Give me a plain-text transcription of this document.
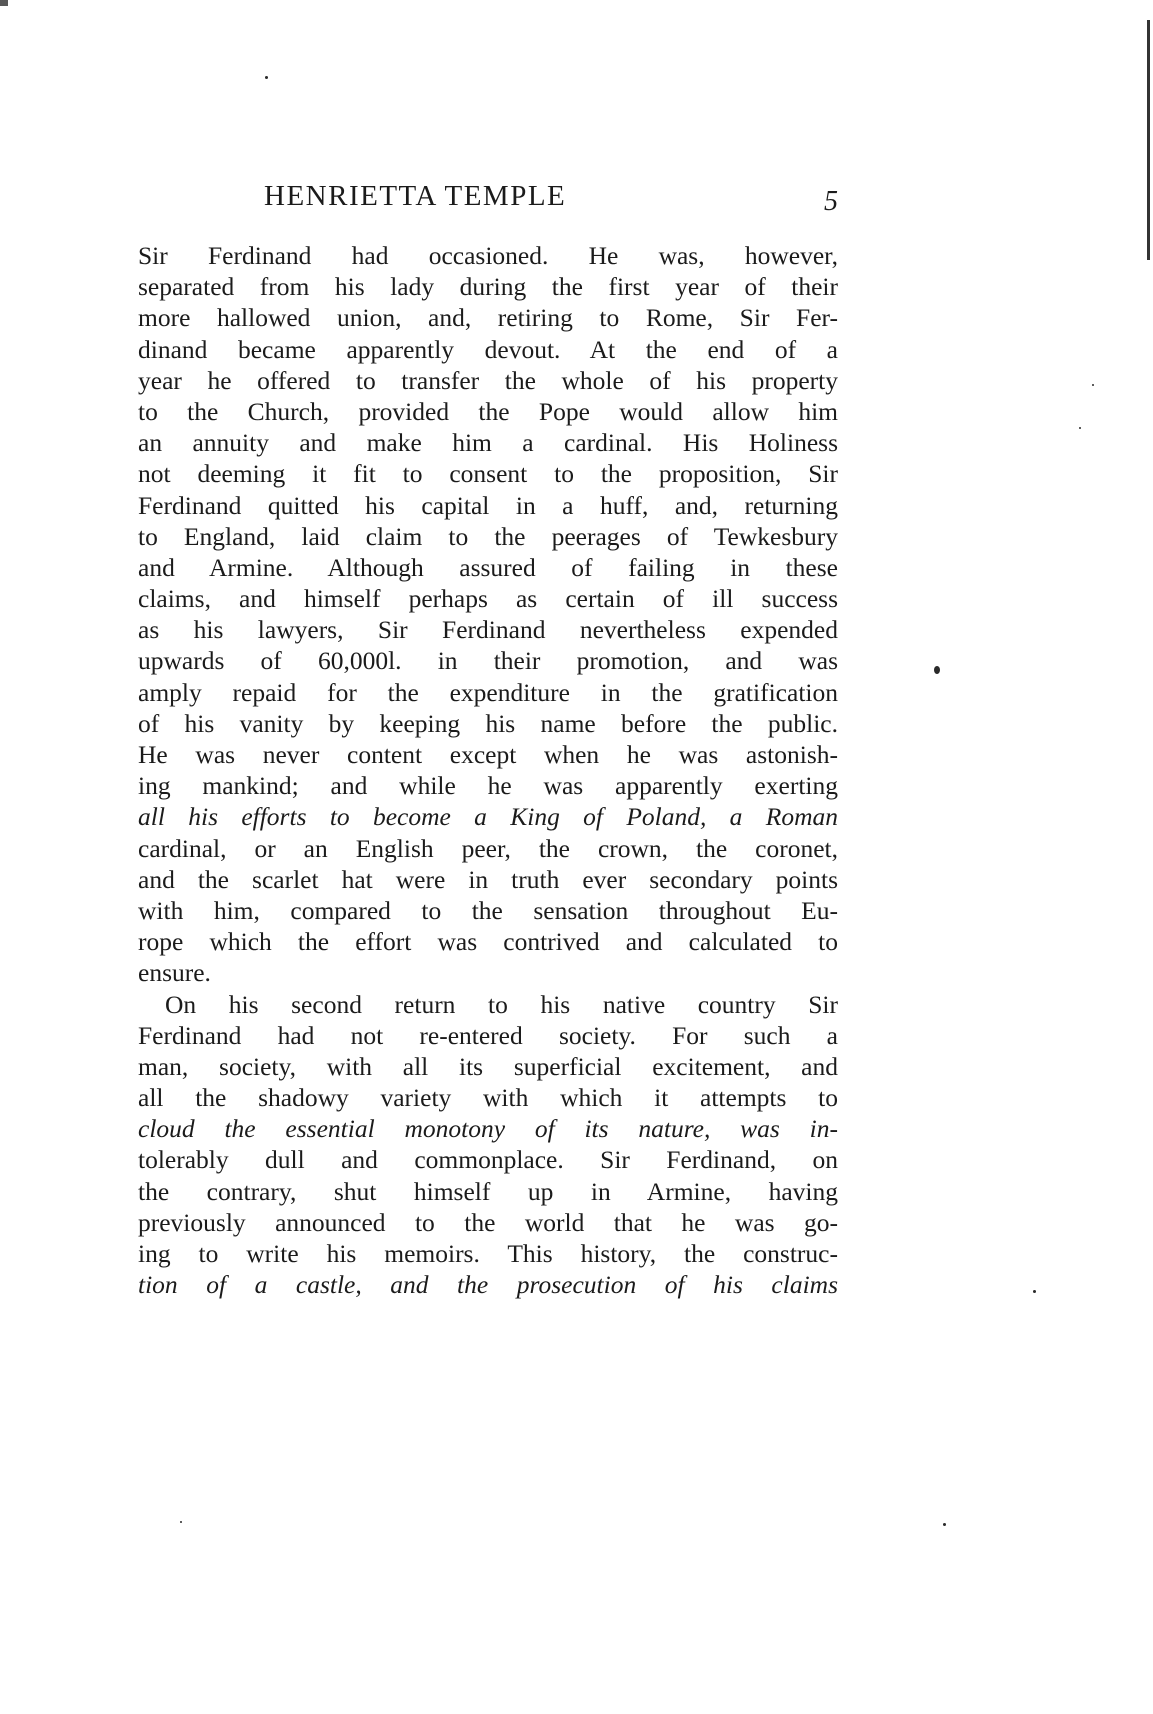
HENRIETTA TEMPLE	5
Sir Ferdinand had occasioned. He was, however,
separated from his lady during the first year of their
more hallowed union, and, retiring to Rome, Sir Fer-
dinand became apparently devout. At the end of a
year he offered to transfer the whole of his property
to the Church, provided the Pope would allow him
an annuity and make him a cardinal. His Holiness
not deeming it fit to consent to the proposition, Sir
Ferdinand quitted his capital in a huff, and, returning
to England, laid claim to the peerages of Tewkesbury
and Armine. Although assured of failing in these
claims, and himself perhaps as certain of ill success
as his lawyers, Sir Ferdinand nevertheless expended
upwards of 60,000l. in their promotion, and was
amply repaid for the expenditure in the gratification
of his vanity by keeping his name before the public.
He was never content except when he was astonish-
ing mankind; and while he was apparently exerting
all his efforts to become a King of Poland, a Roman
cardinal, or an English peer, the crown, the coronet,
and the scarlet hat were in truth ever secondary points
with him, compared to the sensation throughout Eu-
rope which the effort was contrived and calculated to
ensure.
On his second return to his native country Sir
Ferdinand had not re-entered society. For such a
man, society, with all its superficial excitement, and
all the shadowy variety with which it attempts to
cloud the essential monotony of its nature, was in-
tolerably dull and commonplace. Sir Ferdinand, on
the contrary, shut himself up in Armine, having
previously announced to the world that he was go-
ing to write his memoirs. This history, the construc-
tion of a castle, and the prosecution of his claims
